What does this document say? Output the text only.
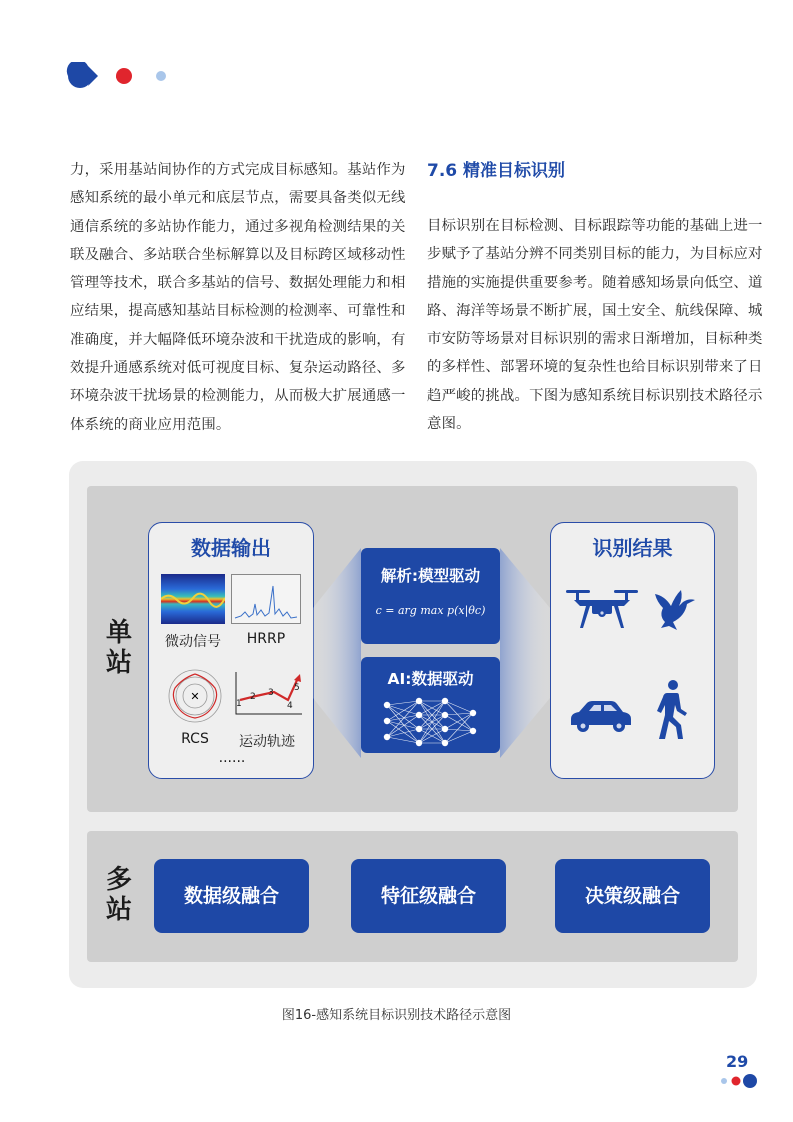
力，采用基站间协作的方式完成目标感知。基站作为感知系统的最小单元和底层节点，需要具备类似无线通信系统的多站协作能力，通过多视角检测结果的关联及融合、多站联合坐标解算以及目标跨区域移动性管理等技术，联合多基站的信号、数据处理能力和相应结果，提高感知基站目标检测的检测率、可靠性和准确度，并大幅降低环境杂波和干扰造成的影响，有效提升通感系统对低可视度目标、复杂运动路径、多环境杂波干扰场景的检测能力，从而极大扩展通感一体系统的商业应用范围。

7.6 精准目标识别

目标识别在目标检测、目标跟踪等功能的基础上进一步赋予了基站分辨不同类别目标的能力，为目标应对措施的实施提供重要参考。随着感知场景向低空、道路、海洋等场景不断扩展，国土安全、航线保障、城市安防等场景对目标识别的需求日渐增加，目标种类的多样性、部署环境的复杂性也给目标识别带来了日趋严峻的挑战。下图为感知系统目标识别技术路径示意图。

单站
多站
数据输出
微动信号	HRRP
✕
RCS
1
2 3
4
5
运动轨迹
......
解析:模型驱动
c = arg max p(x|θc)
AI:数据驱动
识别结果
数据级融合	特征级融合	决策级融合
图16-感知系统目标识别技术路径示意图
29
